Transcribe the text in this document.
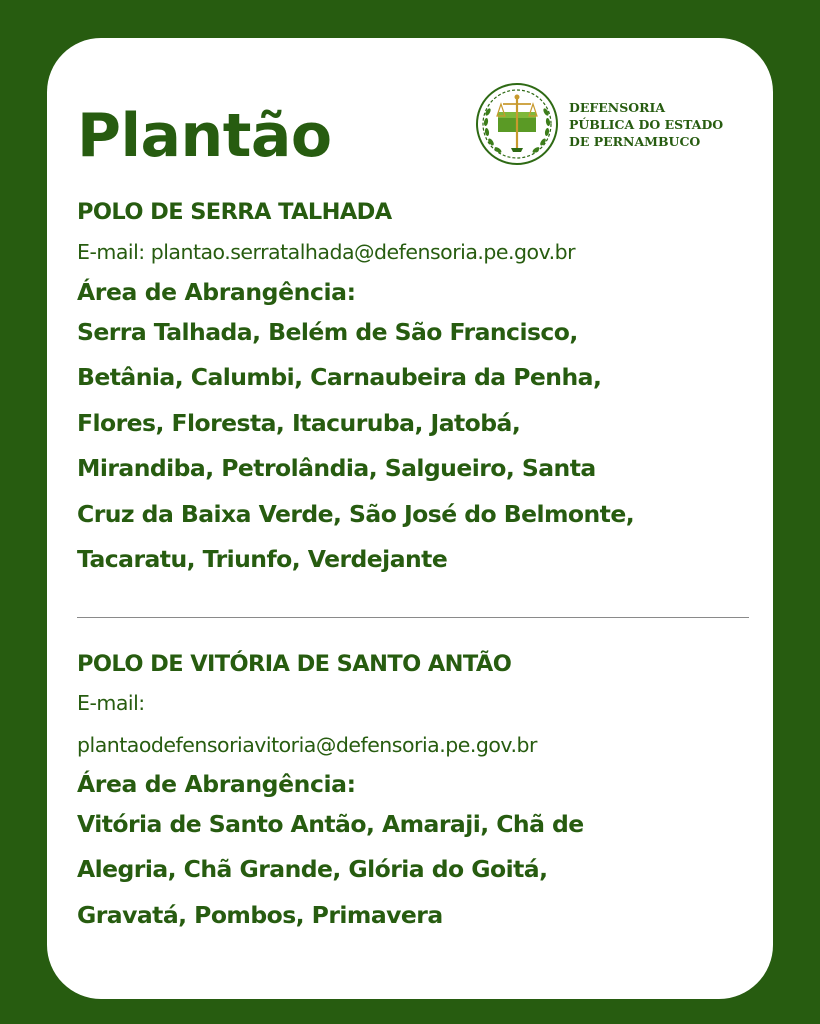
Plantão	DEFENSORIA
PÚBLICA DO ESTADO
DE PERNAMBUCO
POLO DE SERRA TALHADA
E-mail: plantao.serratalhada@defensoria.pe.gov.br
Área de Abrangência:
Serra Talhada, Belém de São Francisco,
Betânia, Calumbi, Carnaubeira da Penha,
Flores, Floresta, Itacuruba, Jatobá,
Mirandiba, Petrolândia, Salgueiro, Santa
Cruz da Baixa Verde, São José do Belmonte,
Tacaratu, Triunfo, Verdejante
POLO DE VITÓRIA DE SANTO ANTÃO
E-mail:
plantaodefensoriavitoria@defensoria.pe.gov.br
Área de Abrangência:
Vitória de Santo Antão, Amaraji, Chã de
Alegria, Chã Grande, Glória do Goitá,
Gravatá, Pombos, Primavera
